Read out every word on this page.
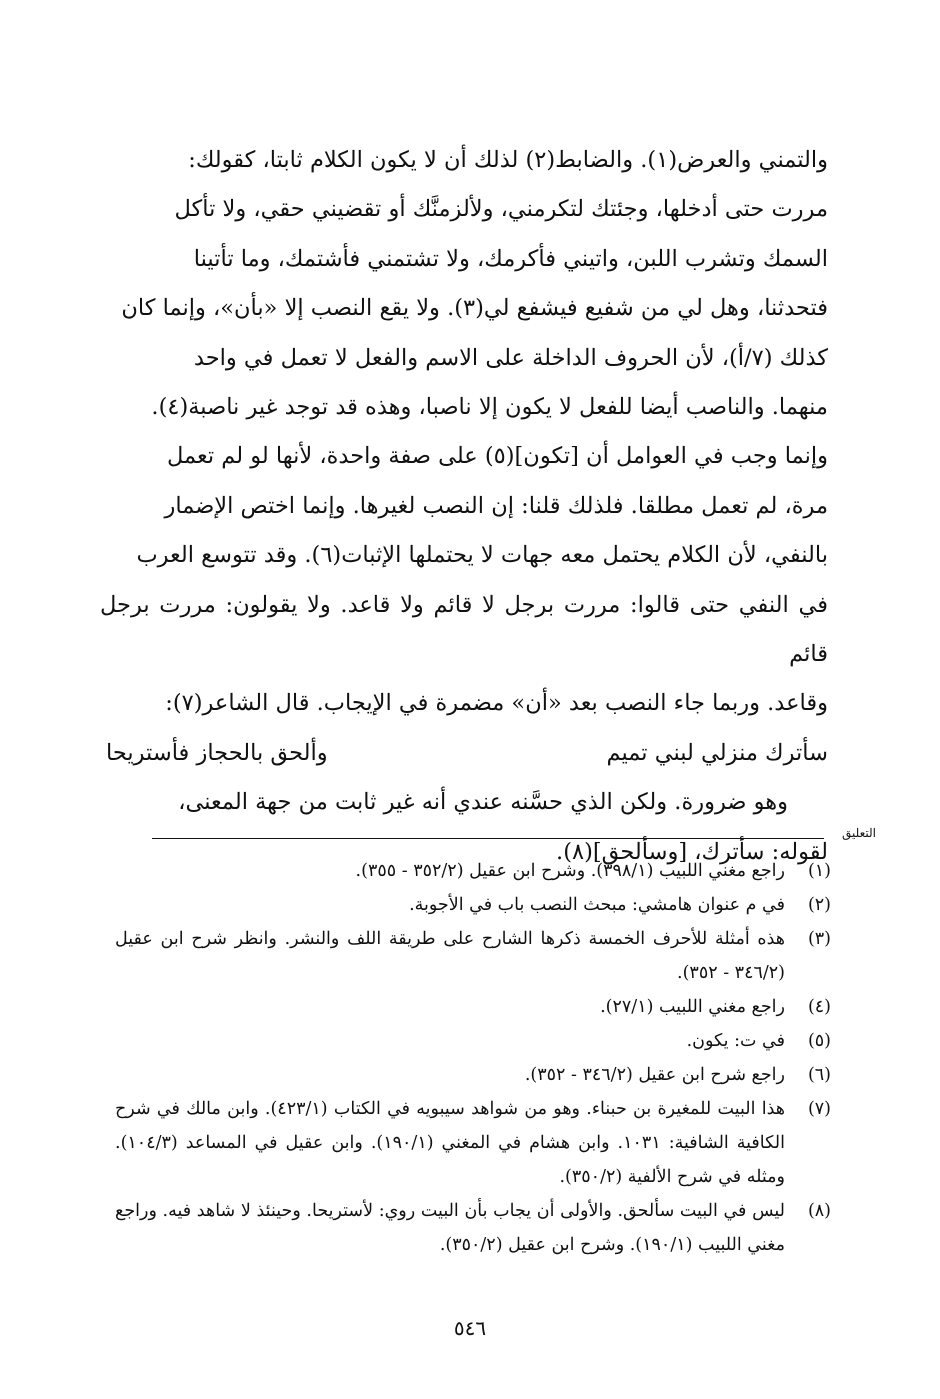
والتمني والعرض(١). والضابط(٢) لذلك أن لا يكون الكلام ثابتا، كقولك:

مررت حتى أدخلها، وجئتك لتكرمني، ولألزمنَّك أو تقضيني حقي، ولا تأكل

السمك وتشرب اللبن، واتيني فأكرمك، ولا تشتمني فأشتمك، وما تأتينا

فتحدثنا، وهل لي من شفيع فيشفع لي(٣). ولا يقع النصب إلا «بأن»، وإنما كان

كذلك (٧/أ)، لأن الحروف الداخلة على الاسم والفعل لا تعمل في واحد

منهما. والناصب أيضا للفعل لا يكون إلا ناصبا، وهذه قد توجد غير ناصبة(٤).

وإنما وجب في العوامل أن [تكون](٥) على صفة واحدة، لأنها لو لم تعمل

مرة، لم تعمل مطلقا. فلذلك قلنا: إن النصب لغيرها. وإنما اختص الإضمار

بالنفي، لأن الكلام يحتمل معه جهات لا يحتملها الإثبات(٦). وقد تتوسع العرب

في النفي حتى قالوا: مررت برجل لا قائم ولا قاعد. ولا يقولون: مررت برجل قائم

وقاعد. وربما جاء النصب بعد «أن» مضمرة في الإيجاب. قال الشاعر(٧):

سأترك منزلي لبني تميم
وألحق بالحجاز فأستريحا

وهو ضرورة. ولكن الذي حسَّنه عندي أنه غير ثابت من جهة المعنى،

لقوله: سأترك، [وسألحق](٨).

التعليق
(١)
راجع مغني اللبيب (٣٩٨/١). وشرح ابن عقيل (٣٥٢/٢ - ٣٥٥).
(٢)
في م عنوان هامشي: مبحث النصب باب في الأجوبة.
(٣)
هذه أمثلة للأحرف الخمسة ذكرها الشارح على طريقة اللف والنشر. وانظر شرح ابن عقيل (٣٤٦/٢ - ٣٥٢).
(٤)
راجع مغني اللبيب (٢٧/١).
(٥)
في ت: يكون.
(٦)
راجع شرح ابن عقيل (٣٤٦/٢ - ٣٥٢).
(٧)
هذا البيت للمغيرة بن حبناء. وهو من شواهد سيبويه في الكتاب (٤٢٣/١). وابن مالك في شرح الكافية الشافية: ١٠٣١. وابن هشام في المغني (١٩٠/١). وابن عقيل في المساعد (١٠٤/٣). ومثله في شرح الألفية (٣٥٠/٢).
(٨)
ليس في البيت سألحق. والأولى أن يجاب بأن البيت روي: لأستريحا. وحينئذ لا شاهد فيه. وراجع مغني اللبيب (١٩٠/١). وشرح ابن عقيل (٣٥٠/٢).
٥٤٦
